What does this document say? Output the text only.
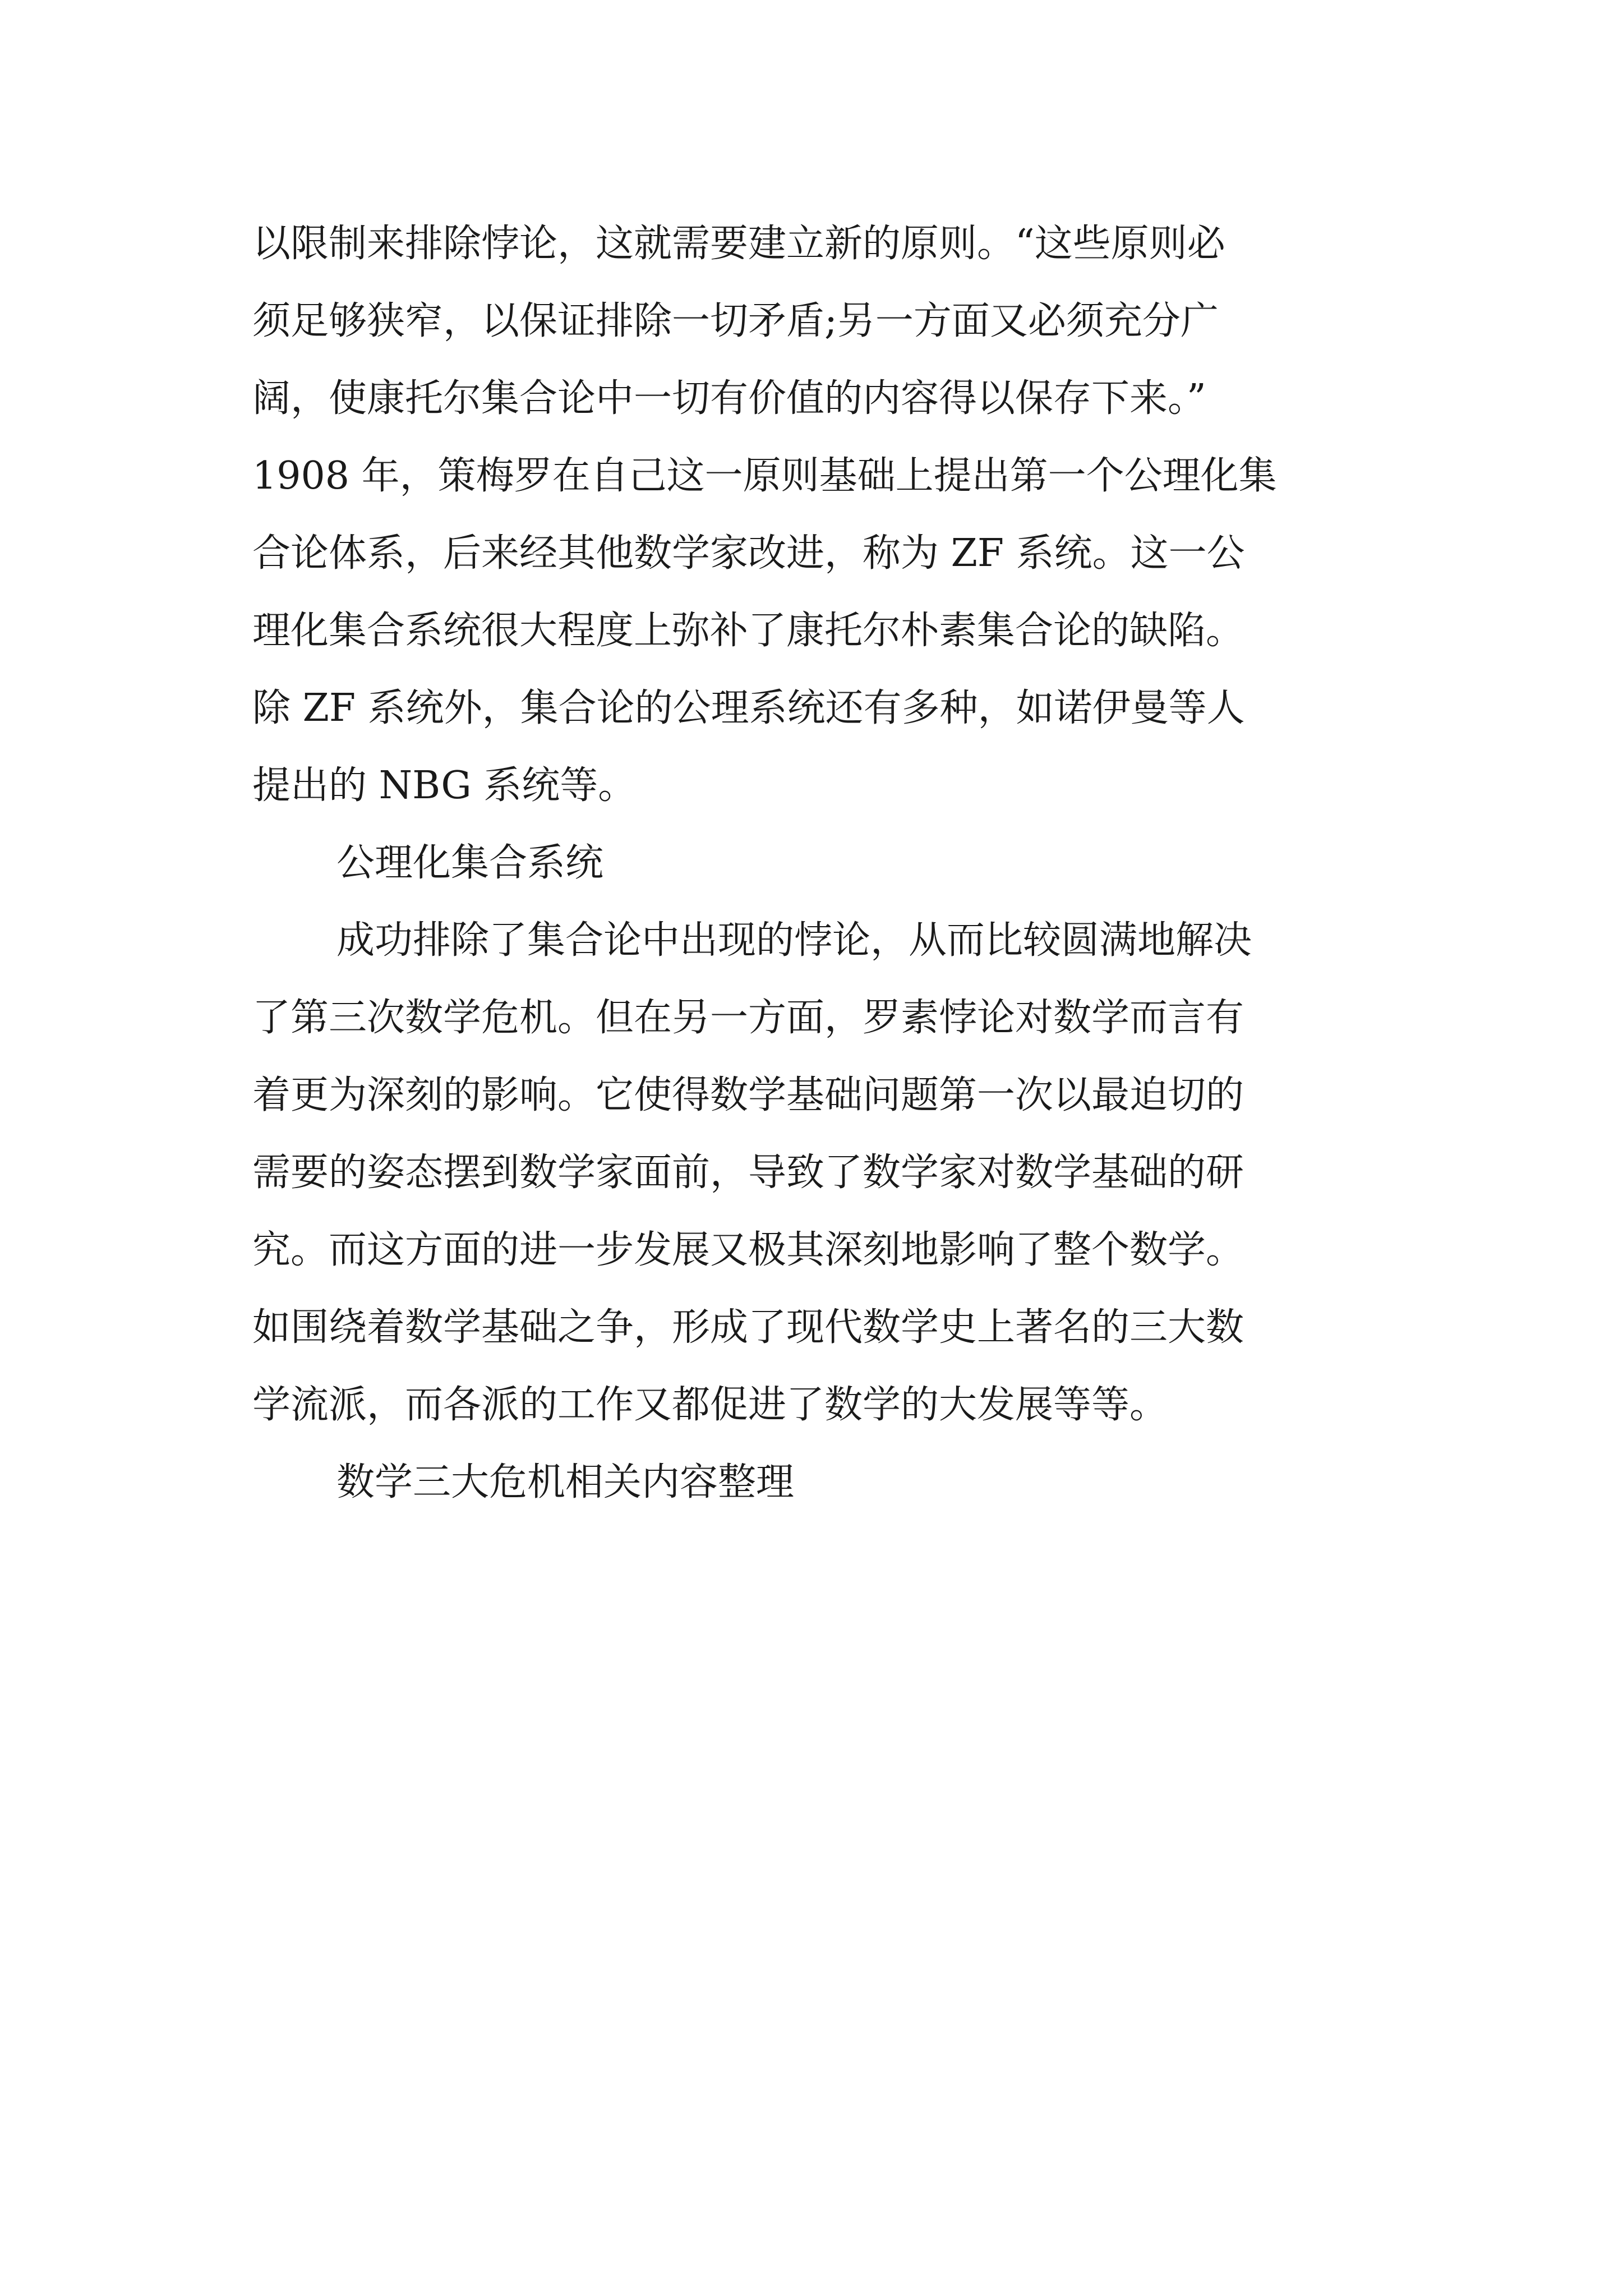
以限制来排除悖论，这就需要建立新的原则。“这些原则必

须足够狭窄，以保证排除一切矛盾;另一方面又必须充分广

阔，使康托尔集合论中一切有价值的内容得以保存下来。”

1908 年，策梅罗在自己这一原则基础上提出第一个公理化集

合论体系，后来经其他数学家改进，称为 ZF 系统。这一公

理化集合系统很大程度上弥补了康托尔朴素集合论的缺陷。

除 ZF 系统外，集合论的公理系统还有多种，如诺伊曼等人

提出的 NBG 系统等。

公理化集合系统

成功排除了集合论中出现的悖论，从而比较圆满地解决

了第三次数学危机。但在另一方面，罗素悖论对数学而言有

着更为深刻的影响。它使得数学基础问题第一次以最迫切的

需要的姿态摆到数学家面前，导致了数学家对数学基础的研

究。而这方面的进一步发展又极其深刻地影响了整个数学。

如围绕着数学基础之争，形成了现代数学史上著名的三大数

学流派，而各派的工作又都促进了数学的大发展等等。

数学三大危机相关内容整理
